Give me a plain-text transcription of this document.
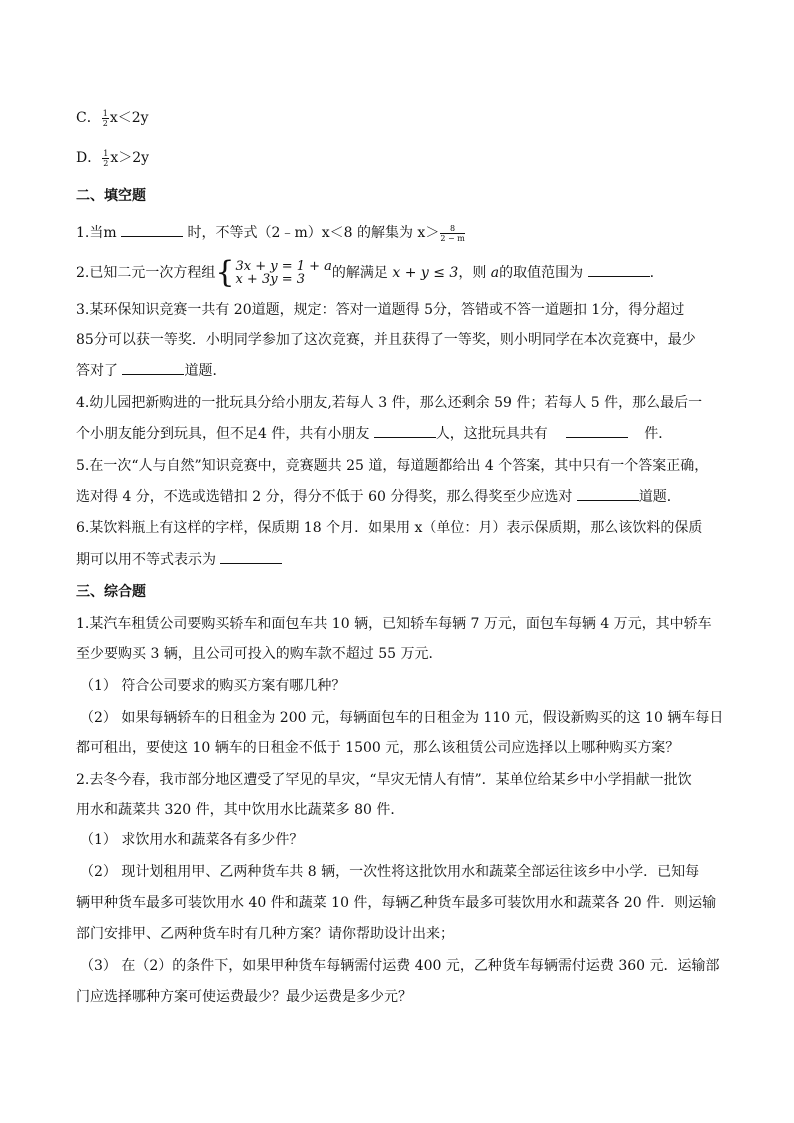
C． $\frac{1}{2} x<2y$
D． $\frac{1}{2} x>2y$
二、填空题
1.当m	时，不等式（2﹣m）x＜8 的解集为 $x> \frac{8}{2 - m}$
2.已知二元一次方程组{ 3x + y = 1 + a
x + 3y = 3	的解满足 x + y ≤ 3，则 a的取值范围为	.
3.某环保知识竞赛一共有 20道题，规定：答对一道题得 5分，答错或不答一道题扣 1分，得分超过
85分可以获一等奖．小明同学参加了这次竞赛，并且获得了一等奖，则小明同学在本次竞赛中，最少
答对了	道题．
4.幼儿园把新购进的一批玩具分给小朋友,若每人 3 件，那么还剩余 59 件；若每人 5 件，那么最后一
个小朋友能分到玩具，但不足4 件，共有小朋友	人，这批玩具共有	件．
5.在一次“人与自然”知识竞赛中，竞赛题共 25 道，每道题都给出 4 个答案，其中只有一个答案正确，
选对得 4 分，不选或选错扣 2 分，得分不低于 60 分得奖，那么得奖至少应选对	道题．
6.某饮料瓶上有这样的字样，保质期 18 个月．如果用 x（单位：月）表示保质期，那么该饮料的保质
期可以用不等式表示为
三、综合题
1.某汽车租赁公司要购买轿车和面包车共 10 辆，已知轿车每辆 7 万元，面包车每辆 4 万元，其中轿车
至少要购买 3 辆，且公司可投入的购车款不超过 55 万元．
（1） 符合公司要求的购买方案有哪几种？
（2） 如果每辆轿车的日租金为 200 元，每辆面包车的日租金为 110 元，假设新购买的这 10 辆车每日
都可租出，要使这 10 辆车的日租金不低于 1500 元，那么该租赁公司应选择以上哪种购买方案？
2.去冬今春，我市部分地区遭受了罕见的旱灾，“旱灾无情人有情”．某单位给某乡中小学捐献一批饮
用水和蔬菜共 320 件，其中饮用水比蔬菜多 80 件．
（1） 求饮用水和蔬菜各有多少件？
（2） 现计划租用甲、乙两种货车共 8 辆，一次性将这批饮用水和蔬菜全部运往该乡中小学．已知每
辆甲种货车最多可装饮用水 40 件和蔬菜 10 件，每辆乙种货车最多可装饮用水和蔬菜各 20 件．则运输
部门安排甲、乙两种货车时有几种方案？请你帮助设计出来；
（3） 在（2）的条件下，如果甲种货车每辆需付运费 400 元，乙种货车每辆需付运费 360 元．运输部
门应选择哪种方案可使运费最少？最少运费是多少元？
